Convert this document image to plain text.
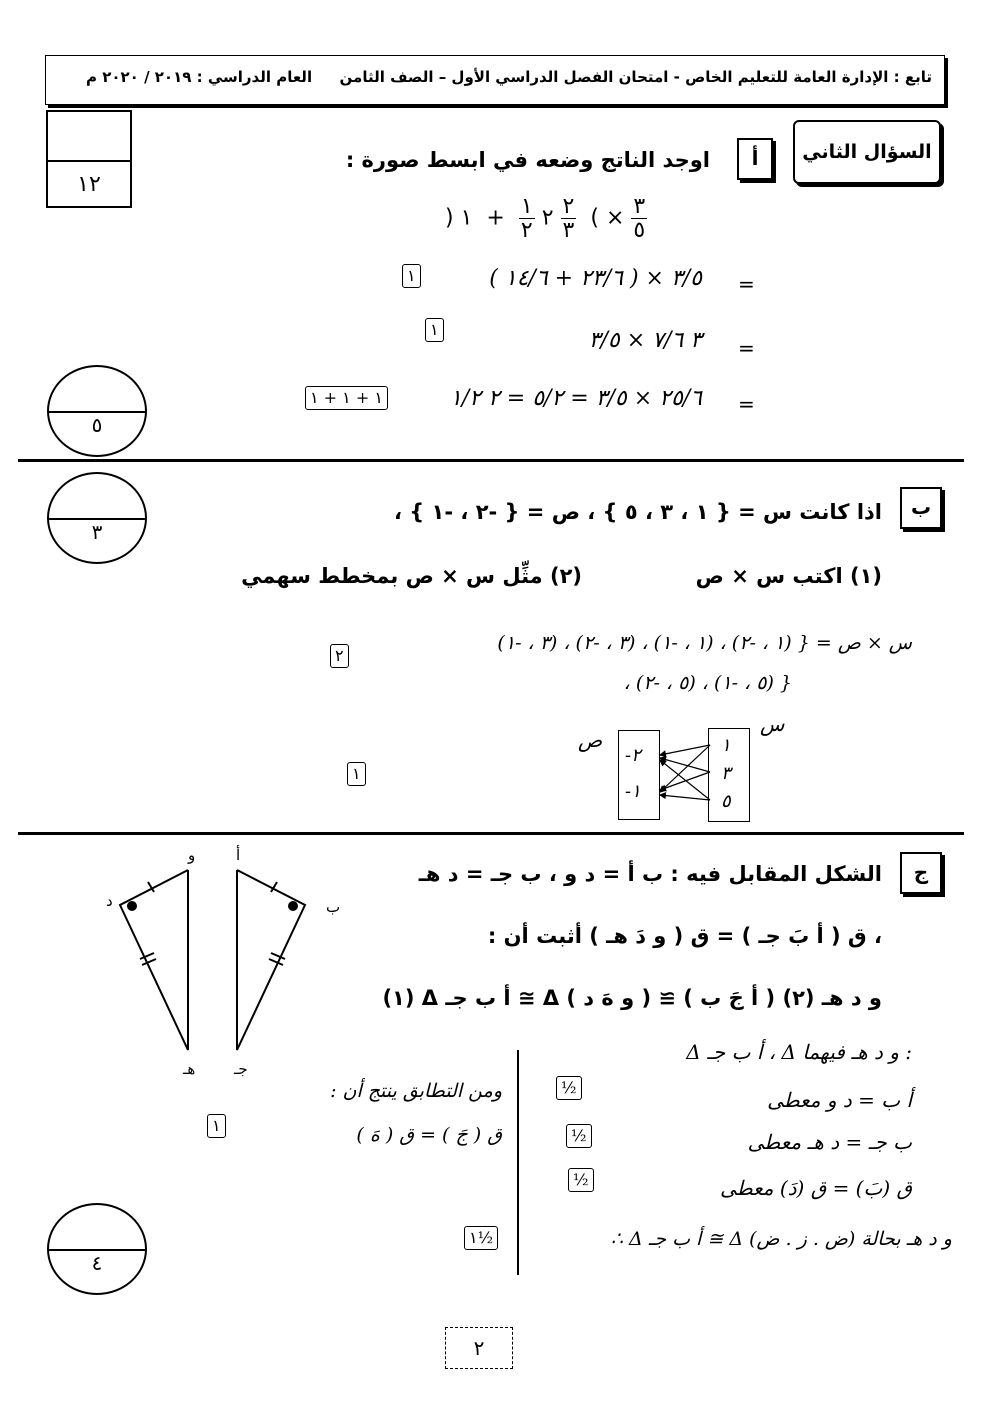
تابع : الإدارة العامة للتعليم الخاص - امتحان الفصل الدراسي الأول – الصف الثامن
العام الدراسي : ٢٠١٩ / ٢٠٢٠ م
١٢
السؤال الثاني
أ
اوجد الناتج وضعه في ابسط صورة :
)	٢
$\frac{١}{٢}$
+  ١	$\frac{٢}{٣}$ ( × $\frac{٣}{٥}$
=
( ٢٣/٦ + ١٤/٦ ) × ٣/٥
١
١
=
٣ ٧/٦ × ٣/٥
=
٢٥/٦ × ٣/٥ = ٥/٢ = ٢ ١/٢
١ + ١ + ١
٥
٣
ب
اذا كانت س = { ١ ، ٣ ، ٥ } ، ص = { -٢ ، -١ } ،
(١) اكتب س × ص
(٢) مثِّل س × ص بمخطط سهمي
س × ص = { (١ ، -٢) ، (١ ، -١) ، (٣ ، -٢) ، (٣ ، -١)
، (٥ ، -٢) ، (٥ ، -١) }
٢
١
س
ص	١
٣
٥
-٢
-١
ج
الشكل المقابل فيه : ب أ = د و ، ب جـ = د هـ
، ق ( أ بَ جـ ) = ق ( و دَ هـ ) أثبت أن :
(١) Δ أ ب جـ ≅ Δ و د هـ (٢) ( أ جَ ب ) ≅ ( و هَ د )
و
د
هـ
أ
ب
جـ
Δ أ ب جـ ، Δ و د هـ فيهما :
أ ب = د و معطى
ب جـ = د هـ معطى
ق (بَ) = ق (دَ) معطى
∴ Δ أ ب جـ ≅ Δ و د هـ بحالة (ض . ز . ض)
½
½
½
١½
ومن التطابق ينتج أن :
ق ( جَ ) = ق ( هَ )
١
٤
٢
